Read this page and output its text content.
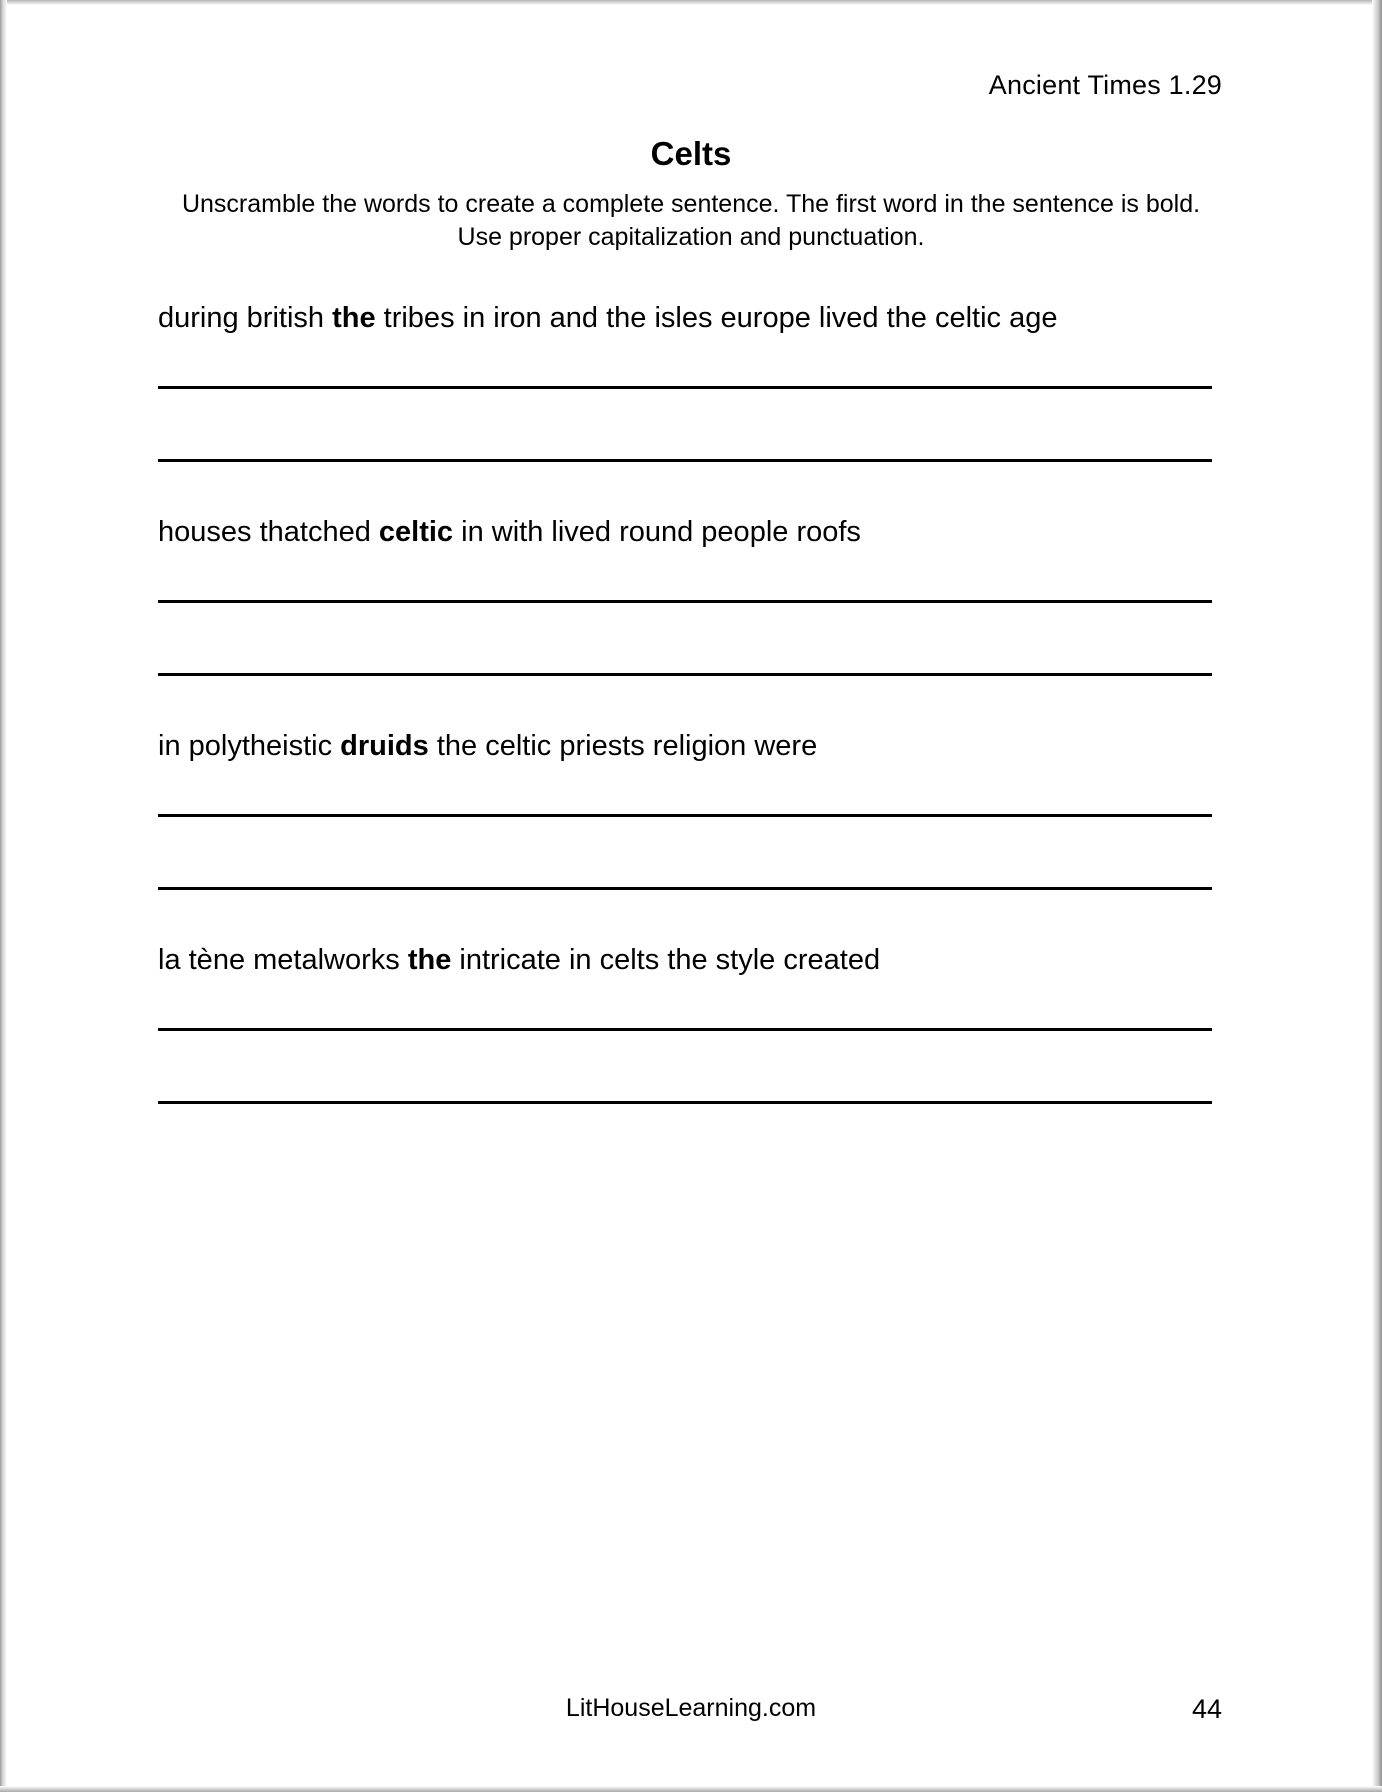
Ancient Times 1.29
Celts
Unscramble the words to create a complete sentence. The first word in the sentence is bold. Use proper capitalization and punctuation.
during british the tribes in iron and the isles europe lived the celtic age
houses thatched celtic in with lived round people roofs
in polytheistic druids the celtic priests religion were
la tène metalworks the intricate in celts the style created
LitHouseLearning.com	44
